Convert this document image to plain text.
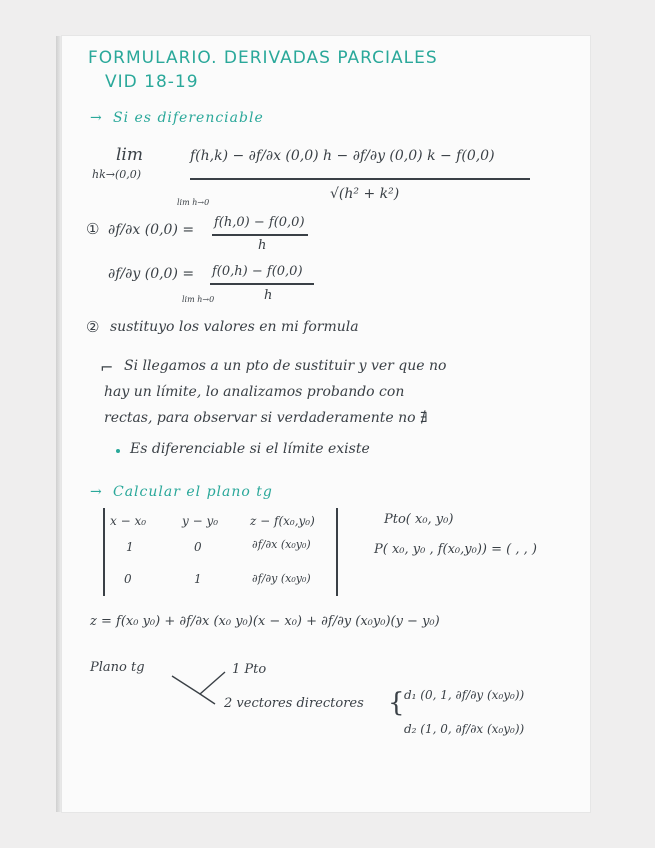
FORMULARIO. DERIVADAS PARCIALES
VID 18-19
→ Si es diferenciable
lim
hk→(0,0)
f(h,k) − ∂f/∂x (0,0) h − ∂f/∂y (0,0) k − f(0,0)
√(h² + k²)
①
lim h→0
∂f/∂x (0,0) = f(h,0) − f(0,0)
h
∂f/∂y (0,0) = f(0,h) − f(0,0)
h
lim h→0
② sustituyo los valores en mi formula
⌐ Si llegamos a un pto de sustituir y ver que no
hay un límite, lo analizamos probando con
rectas, para observar si verdaderamente no ∄
Es diferenciable si el límite existe
→ Calcular el plano tg
x − x₀	y − y₀	z − f(x₀,y₀)
1	0	∂f/∂x (x₀y₀)
0	1	∂f/∂y (x₀y₀)
Pto( x₀, y₀)
P( x₀, y₀ , f(x₀,y₀)) = ( , , )
z = f(x₀ y₀) + ∂f/∂x (x₀ y₀)(x − x₀) + ∂f/∂y (x₀y₀)(y − y₀)
Plano tg	1 Pto
2 vectores directores { d₁ (0, 1, ∂f/∂y (x₀y₀))
d₂ (1, 0, ∂f/∂x (x₀y₀))
